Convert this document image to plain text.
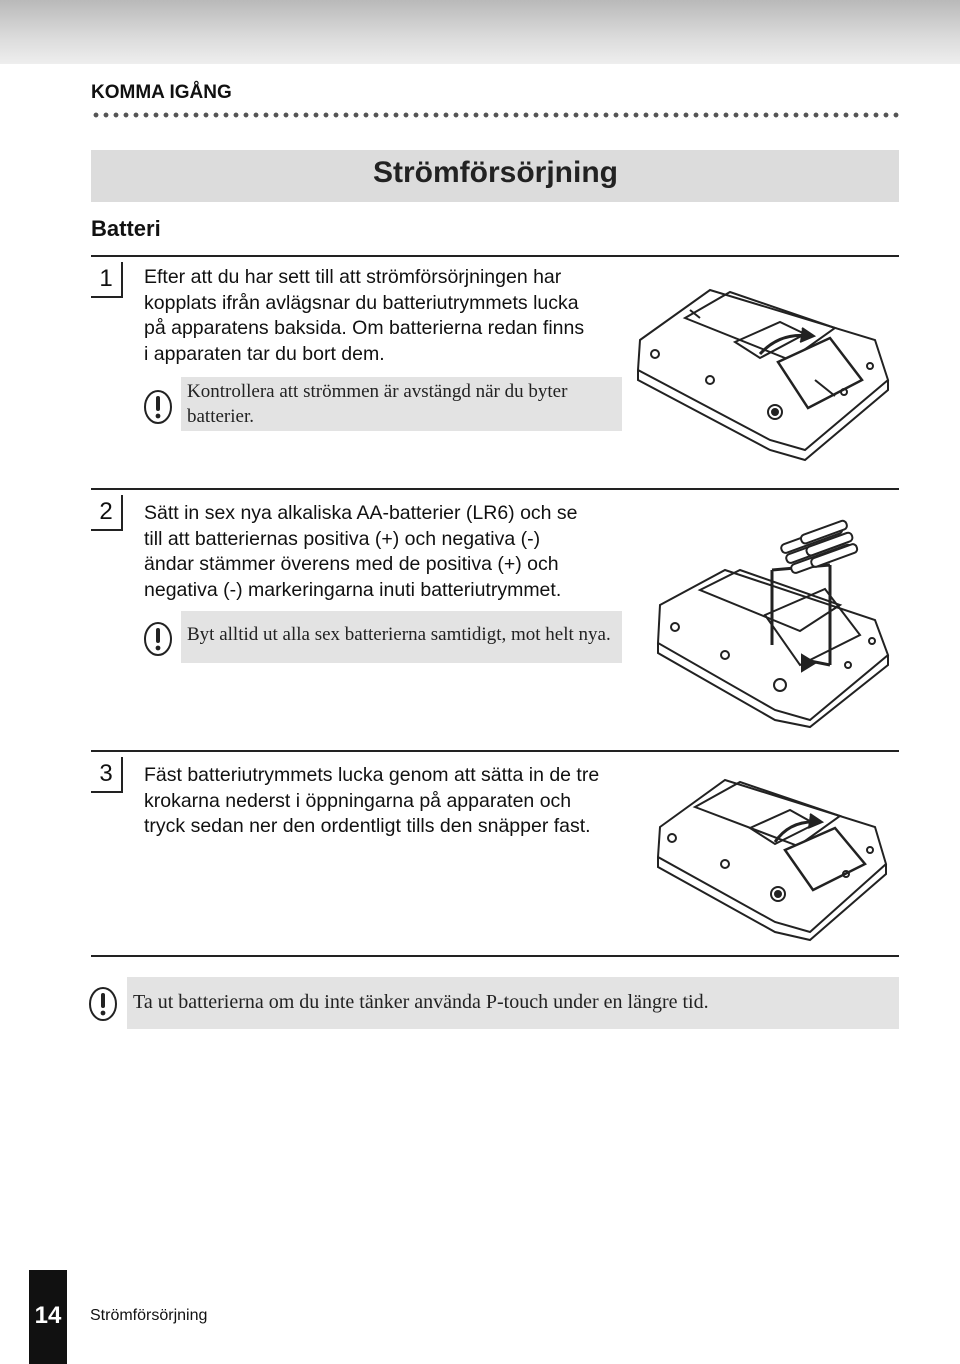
KOMMA IGÅNG
Strömförsörjning
Batteri
1	Efter att du har sett till att strömförsörjningen har
kopplats ifrån avlägsnar du batteriutrymmets lucka
på apparatens baksida. Om batterierna redan finns
i apparaten tar du bort dem.
Kontrollera att strömmen är avstängd när du byter
batterier.
2	Sätt in sex nya alkaliska AA-batterier (LR6) och se
till att batteriernas positiva (+) och negativa (-)
ändar stämmer överens med de positiva (+) och
negativa (-) markeringarna inuti batteriutrymmet.
Byt alltid ut alla sex batterierna samtidigt, mot helt nya.
3	Fäst batteriutrymmets lucka genom att sätta in de tre
krokarna nederst i öppningarna på apparaten och
tryck sedan ner den ordentligt tills den snäpper fast.
Ta ut batterierna om du inte tänker använda P-touch under en längre tid.
14	Strömförsörjning
